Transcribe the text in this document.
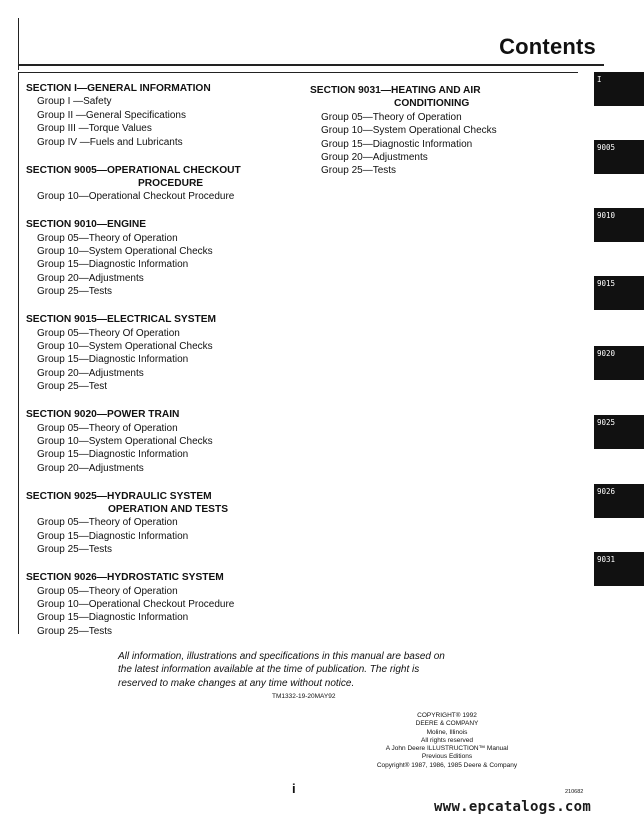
Contents
SECTION I—GENERAL INFORMATION
Group I —Safety
Group II —General Specifications
Group III —Torque Values
Group IV —Fuels and Lubricants
SECTION 9005—OPERATIONAL CHECKOUT
PROCEDURE
Group 10—Operational Checkout Procedure
SECTION 9010—ENGINE
Group 05—Theory of Operation
Group 10—System Operational Checks
Group 15—Diagnostic Information
Group 20—Adjustments
Group 25—Tests
SECTION 9015—ELECTRICAL SYSTEM
Group 05—Theory Of Operation
Group 10—System Operational Checks
Group 15—Diagnostic Information
Group 20—Adjustments
Group 25—Test
SECTION 9020—POWER TRAIN
Group 05—Theory of Operation
Group 10—System Operational Checks
Group 15—Diagnostic Information
Group 20—Adjustments
SECTION 9025—HYDRAULIC SYSTEM
OPERATION AND TESTS
Group 05—Theory of Operation
Group 15—Diagnostic Information
Group 25—Tests
SECTION 9026—HYDROSTATIC SYSTEM
Group 05—Theory of Operation
Group 10—Operational Checkout Procedure
Group 15—Diagnostic Information
Group 25—Tests
SECTION 9031—HEATING AND AIR
CONDITIONING
Group 05—Theory of Operation
Group 10—System Operational Checks
Group 15—Diagnostic Information
Group 20—Adjustments
Group 25—Tests
I
9005
9010
9015
9020
9025
9026
9031
All information, illustrations and specifications in this manual are based on
the latest information available at the time of publication. The right is
reserved to make changes at any time without notice.
TM1332-19-20MAY92
COPYRIGHT® 1992
DEERE & COMPANY
Moline, Illinois
All rights reserved
A John Deere ILLUSTRUCTION™ Manual
Previous Editions
Copyright® 1987, 1986, 1985 Deere & Company
i	210682
www.epcatalogs.com
